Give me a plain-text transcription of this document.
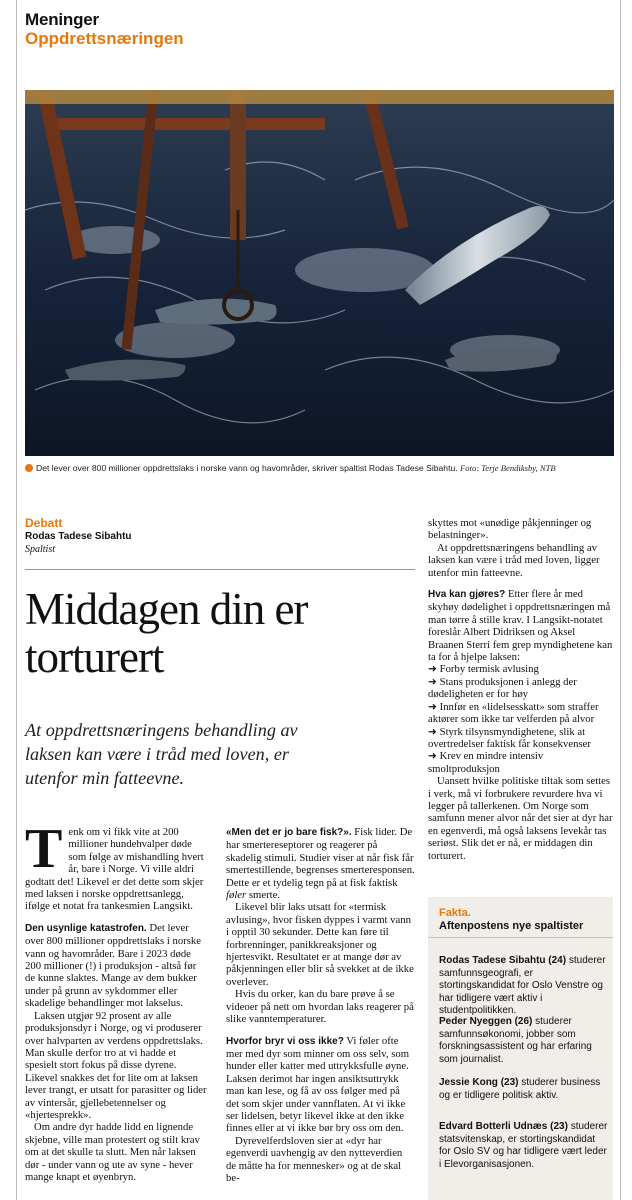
Meninger
Oppdrettsnæringen
Det lever over 800 millioner oppdrettslaks i norske vann og havområder, skriver spaltist Rodas Tadese Sibahtu. Foto: Terje Bendiksby, NTB
Debatt
Rodas Tadese Sibahtu
Spaltist
Middagen din er torturert
At oppdrettsnæringens behandling av laksen kan være i tråd med loven, er utenfor min fatteevne.

Tenk om vi fikk vite at 200 millioner hundehvalper døde som følge av mishandling hvert år, bare i Norge. Vi ville aldri godtatt det! Likevel er det dette som skjer med laksen i norske oppdrettsanlegg, ifølge et notat fra tankesmien Langsikt.

Den usynlige katastrofen. Det lever over 800 millioner oppdrettslaks i norske vann og havområder. Bare i 2023 døde 200 millioner (!) i produksjon - altså før de kunne slaktes. Mange av dem bukker under på grunn av sykdommer eller skadelige behandlinger mot lakselus.

Laksen utgjør 92 prosent av alle produksjonsdyr i Norge, og vi produserer over halvparten av verdens oppdrettslaks. Man skulle derfor tro at vi hadde et spesielt stort fokus på disse dyrene. Likevel snakkes det for lite om at laksen lever trangt, er utsatt for parasitter og lider av vintersår, gjellebetennelser og «hjertesprekk».

Om andre dyr hadde lidd en lignende skjebne, ville man protestert og stilt krav om at det skulle ta slutt. Men når laksen dør - under vann og ute av syne - hever mange knapt et øyenbryn.

«Men det er jo bare fisk?». Fisk lider. De har smertereseptorer og reagerer på skadelig stimuli. Studier viser at når fisk får smertestillende, begrenses smerteresponsen. Dette er et tydelig tegn på at fisk faktisk føler smerte.

Likevel blir laks utsatt for «termisk avlusing», hvor fisken dyppes i varmt vann i opptil 30 sekunder. Dette kan føre til forbrenninger, panikkreaksjoner og hjertesvikt. Resultatet er at mange dør av påkjenningen eller blir så svekket at de ikke overlever.

Hvis du orker, kan du bare prøve å se videoer på nett om hvordan laks reagerer på slike vanntemperaturer.

Hvorfor bryr vi oss ikke? Vi føler ofte mer med dyr som minner om oss selv, som hunder eller katter med uttrykksfulle øyne. Laksen derimot har ingen ansiktsuttrykk man kan lese, og få av oss følger med på det som skjer under vannflaten. At vi ikke ser lidelsen, betyr likevel ikke at den ikke finnes eller at vi ikke bør bry oss om den.

Dyrevelferdsloven sier at «dyr har egenverdi uavhengig av den nytteverdien de måtte ha for mennesker» og at de skal be-

skyttes mot «unødige påkjenninger og belastninger».

At oppdrettsnæringens behandling av laksen kan være i tråd med loven, ligger utenfor min fatteevne.

Hva kan gjøres? Etter flere år med skyhøy dødelighet i oppdrettsnæringen må man tørre å stille krav. I Langsikt-notatet foreslår Albert Didriksen og Aksel Braanen Sterri fem grep myndighetene kan ta for å hjelpe laksen:

➜ Forby termisk avlusing
➜ Stans produksjonen i anlegg der dødeligheten er for høy
➜ Innfør en «lidelsesskatt» som straffer aktører som ikke tar velferden på alvor
➜ Styrk tilsynsmyndighetene, slik at overtredelser faktisk får konsekvenser
➜ Krev en mindre intensiv smoltproduksjon

Uansett hvilke politiske tiltak som settes i verk, må vi forbrukere revurdere hva vi legger på tallerkenen. Om Norge som samfunn mener alvor når det sier at dyr har en egenverdi, må også laksens levekår tas seriøst. Slik det er nå, er middagen din torturert.

Fakta.
Aftenpostens nye spaltister
Rodas Tadese Sibahtu (24) studerer samfunnsgeografi, er stortingskandidat for Oslo Venstre og har tidligere vært aktiv i studentpolitikken.
Peder Nyeggen (26) studerer samfunnsøkonomi, jobber som forskningsassistent og har erfaring som journalist.
Jessie Kong (23) studerer business og er tidligere politisk aktiv.
Edvard Botterli Udnæs (23) studerer statsvitenskap, er stortingskandidat for Oslo SV og har tidligere vært leder i Elevorganisasjonen.
